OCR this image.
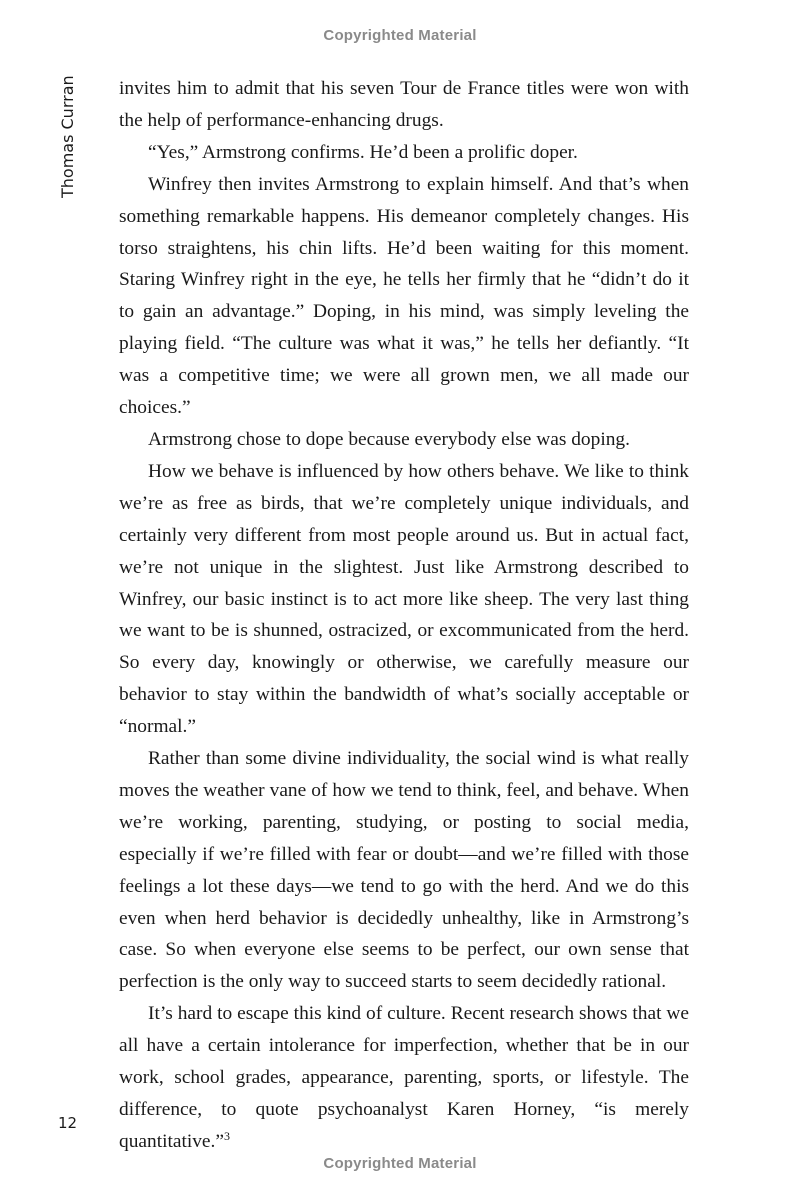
Copyrighted Material
Thomas Curran invites him to admit that his seven Tour de France titles were won with the help of performance-enhancing drugs.

“Yes,” Armstrong confirms. He’d been a prolific doper.

Winfrey then invites Armstrong to explain himself. And that’s when something remarkable happens. His demeanor completely changes. His torso straightens, his chin lifts. He’d been waiting for this moment. Staring Winfrey right in the eye, he tells her firmly that he “didn’t do it to gain an advantage.” Doping, in his mind, was simply leveling the playing field. “The culture was what it was,” he tells her defiantly. “It was a competitive time; we were all grown men, we all made our choices.”

Armstrong chose to dope because everybody else was doping.

How we behave is influenced by how others behave. We like to think we’re as free as birds, that we’re completely unique individuals, and certainly very different from most people around us. But in actual fact, we’re not unique in the slightest. Just like Armstrong described to Winfrey, our basic instinct is to act more like sheep. The very last thing we want to be is shunned, ostracized, or excommunicated from the herd. So every day, knowingly or otherwise, we carefully measure our behavior to stay within the bandwidth of what’s socially acceptable or “normal.”

Rather than some divine individuality, the social wind is what really moves the weather vane of how we tend to think, feel, and behave. When we’re working, parenting, studying, or posting to social media, especially if we’re filled with fear or doubt—and we’re filled with those feelings a lot these days—we tend to go with the herd. And we do this even when herd behavior is decidedly unhealthy, like in Armstrong’s case. So when everyone else seems to be perfect, our own sense that perfection is the only way to succeed starts to seem decidedly rational.

It’s hard to escape this kind of culture. Recent research shows that we all have a certain intolerance for imperfection, whether that be in our work, school grades, appearance, parenting, sports, or lifestyle. The difference, to quote psychoanalyst Karen Horney, “is merely quantitative.”$^3$

12
Copyrighted Material
